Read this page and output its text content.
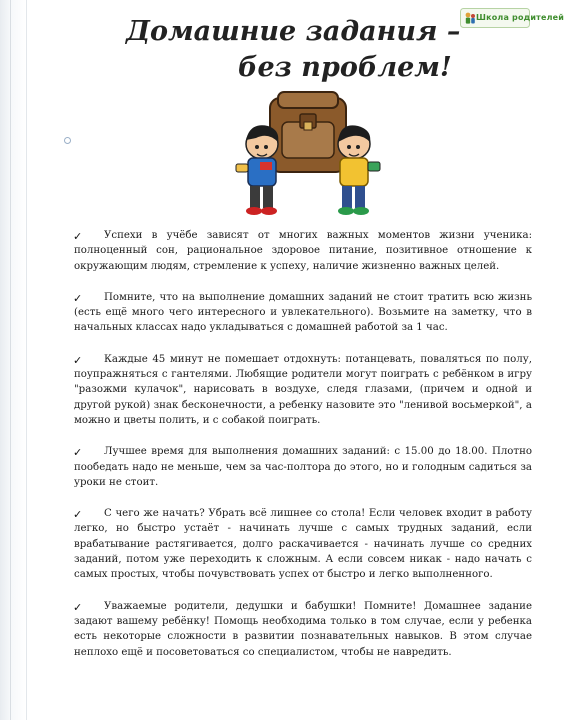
Школа родителей
Домашние задания –
без проблем!

✓	Успехи в учёбе зависят от многих важных моментов жизни ученика: полноценный сон, рациональное здоровое питание, позитивное отношение к окружающим людям, стремление к успеху, наличие жизненно важных целей.

✓	Помните, что на выполнение домашних заданий не стоит тратить всю жизнь (есть ещё много чего интересного и увлекательного). Возьмите на заметку, что в начальных классах надо укладываться с домашней работой за 1 час.

✓	Каждые 45 минут не помешает отдохнуть: потанцевать, поваляться по полу, поупражняться с гантелями. Любящие родители могут поиграть с ребёнком в игру "разожми кулачок", нарисовать в воздухе, следя глазами, (причем и одной и другой рукой) знак бесконечности, а ребенку назовите это "ленивой восьмеркой", а можно и цветы полить, и с собакой поиграть.

✓	Лучшее время для выполнения домашних заданий: с 15.00 до 18.00. Плотно пообедать надо не меньше, чем за час-полтора до этого, но и голодным садиться за уроки не стоит.

✓	С чего же начать? Убрать всё лишнее со стола! Если человек входит в работу легко, но быстро устаёт - начинать лучше с самых трудных заданий, если врабатывание растягивается, долго раскачивается - начинать лучше со средних заданий, потом уже переходить к сложным. А если совсем никак - надо начать с самых простых, чтобы почувствовать успех от быстро и легко выполненного.

✓	Уважаемые родители, дедушки и бабушки! Помните! Домашнее задание задают вашему ребёнку! Помощь необходима только в том случае, если у ребенка есть некоторые сложности в развитии познавательных навыков. В этом случае неплохо ещё и посоветоваться со специалистом, чтобы не навредить.
